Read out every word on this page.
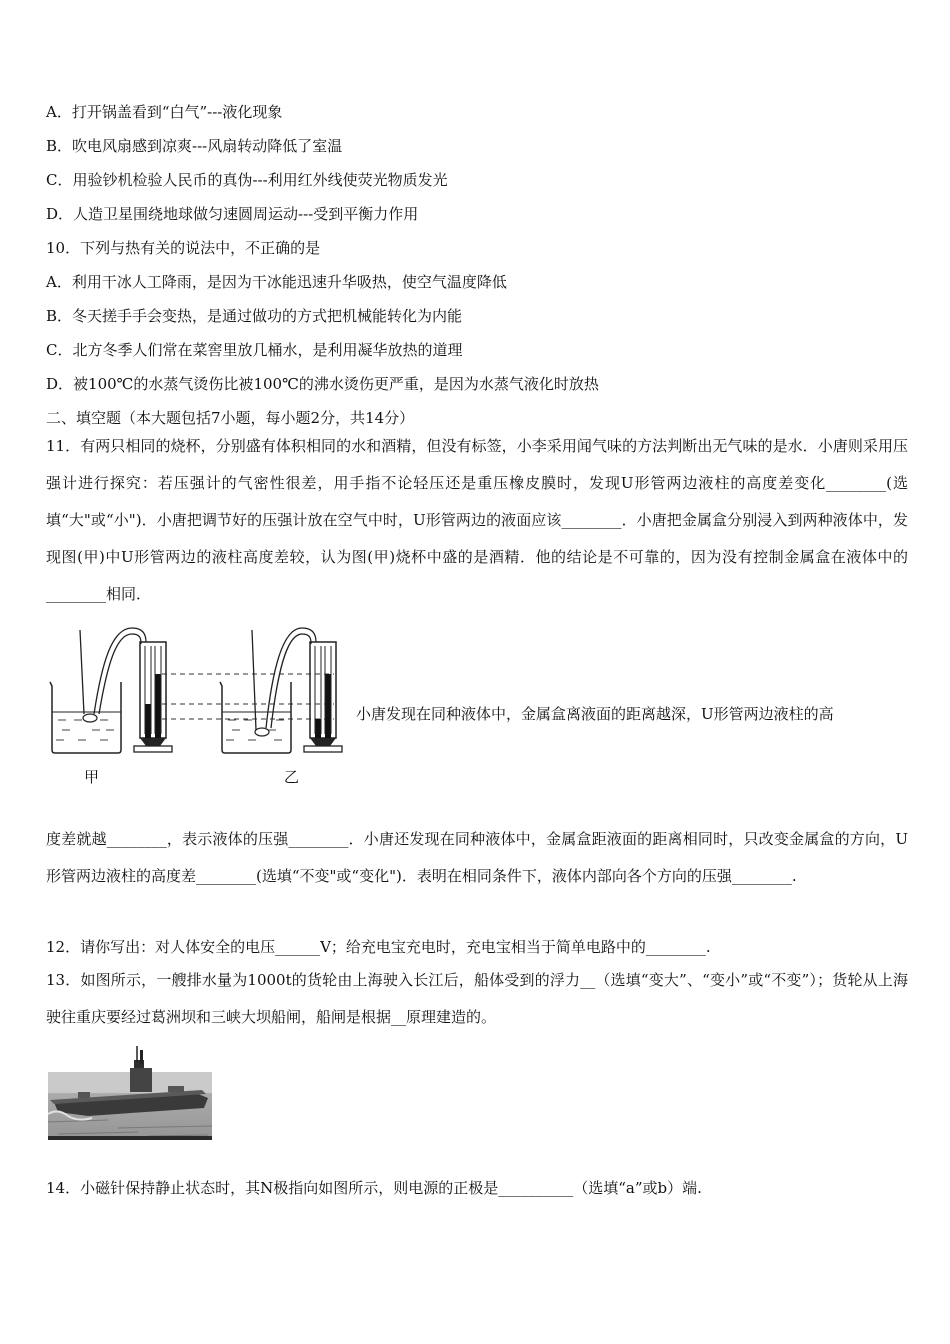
A．打开锅盖看到“白气”---液化现象
B．吹电风扇感到凉爽---风扇转动降低了室温
C．用验钞机检验人民币的真伪---利用红外线使荧光物质发光
D．人造卫星围绕地球做匀速圆周运动---受到平衡力作用
10．下列与热有关的说法中，不正确的是
A．利用干冰人工降雨，是因为干冰能迅速升华吸热，使空气温度降低
B．冬天搓手手会变热，是通过做功的方式把机械能转化为内能
C．北方冬季人们常在菜窖里放几桶水，是利用凝华放热的道理
D．被100℃的水蒸气烫伤比被100℃的沸水烫伤更严重，是因为水蒸气液化时放热
二、填空题（本大题包括7小题，每小题2分，共14分）
11．有两只相同的烧杯，分别盛有体积相同的水和酒精，但没有标签，小李采用闻气味的方法判断出无气味的是水．小唐则采用压强计进行探究：若压强计的气密性很差，用手指不论轻压还是重压橡皮膜时，发现U形管两边液柱的高度差变化________(选填“大"或“小")．小唐把调节好的压强计放在空气中时，U形管两边的液面应该________．小唐把金属盒分别浸入到两种液体中，发现图(甲)中U形管两边的液柱高度差较，认为图(甲)烧杯中盛的是酒精．他的结论是不可靠的，因为没有控制金属盒在液体中的________相同．
甲	乙
小唐发现在同种液体中，金属盒离液面的距离越深，U形管两边液柱的高
度差就越________，表示液体的压强________．小唐还发现在同种液体中，金属盒距液面的距离相同时，只改变金属盒的方向，U形管两边液柱的高度差________(选填“不变"或“变化")．表明在相同条件下，液体内部向各个方向的压强________.
12．请你写出：对人体安全的电压______V；给充电宝充电时，充电宝相当于简单电路中的________.
13．如图所示，一艘排水量为1000t的货轮由上海驶入长江后，船体受到的浮力__（选填“变大”、“变小”或“不变”）；货轮从上海驶往重庆要经过葛洲坝和三峡大坝船闸，船闸是根据__原理建造的。
14．小磁针保持静止状态时，其N极指向如图所示，则电源的正极是__________（选填“a”或b）端.
